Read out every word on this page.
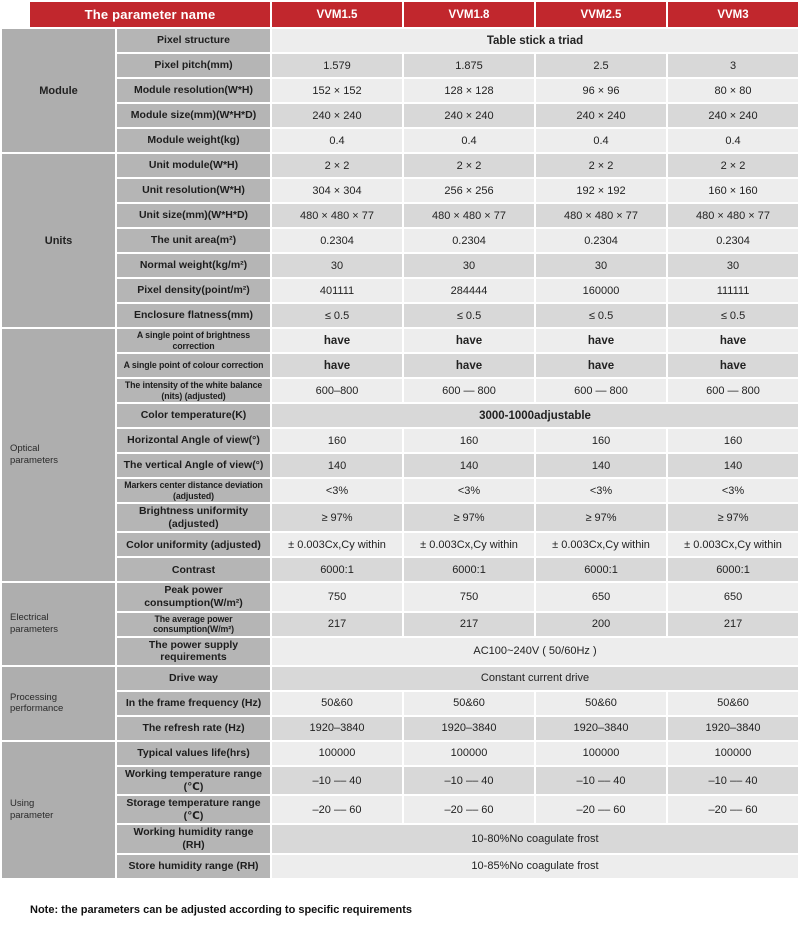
The parameter name		VVM1.5	VVM1.8	VVM2.5	VVM3
Module	Pixel structure	Table stick a triad			
	Pixel pitch(mm)	1.579	1.875	2.5	3
	Module resolution(W*H)	152 × 152	128 × 128	96 × 96	80 × 80
	Module size(mm)(W*H*D)	240 × 240	240 × 240	240 × 240	240 × 240
	Module weight(kg)	0.4	0.4	0.4	0.4
Units	Unit module(W*H)	2 × 2	2 × 2	2 × 2	2 × 2
	Unit resolution(W*H)	304 × 304	256 × 256	192 × 192	160 × 160
	Unit size(mm)(W*H*D)	480 × 480 × 77	480 × 480 × 77	480 × 480 × 77	480 × 480 × 77
	The unit area(m²)	0.2304	0.2304	0.2304	0.2304
	Normal weight(kg/m²)	30	30	30	30
	Pixel density(point/m²)	401111	284444	160000	111111
	Enclosure flatness(mm)	≤ 0.5	≤ 0.5	≤ 0.5	≤ 0.5
Optical parameters	A single point of brightness correction	have	have	have	have
	A single point of colour correction	have	have	have	have
	The intensity of the white balance (nits) (adjusted)	600–800	600 — 800	600 — 800	600 — 800
	Color temperature(K)	3000-1000adjustable			
	Horizontal Angle of view(°)	160	160	160	160
	The vertical Angle of view(°)	140	140	140	140
	Markers center distance deviation (adjusted)	<3%	<3%	<3%	<3%
	Brightness uniformity (adjusted)	≥ 97%	≥ 97%	≥ 97%	≥ 97%
	Color uniformity (adjusted)	± 0.003Cx,Cy within	± 0.003Cx,Cy within	± 0.003Cx,Cy within	± 0.003Cx,Cy within
	Contrast	6000:1	6000:1	6000:1	6000:1
Electrical parameters	Peak power consumption(W/m²)	750	750	650	650
	The average power consumption(W/m²)	217	217	200	217
	The power supply requirements	AC100~240V ( 50/60Hz )			
Processing performance	Drive way	Constant current drive			
	In the frame frequency (Hz)	50&60	50&60	50&60	50&60
	The refresh rate (Hz)	1920–3840	1920–3840	1920–3840	1920–3840
Using parameter	Typical values life(hrs)	100000	100000	100000	100000
	Working temperature range (℃)	–10 –– 40	–10 –– 40	–10 –– 40	–10 –– 40
	Storage temperature range (℃)	–20 –– 60	–20 –– 60	–20 –– 60	–20 –– 60
	Working humidity range (RH)	10-80%No coagulate frost			
	Store humidity range (RH)	10-85%No coagulate frost			
Note: the parameters can be adjusted according to specific requirements
